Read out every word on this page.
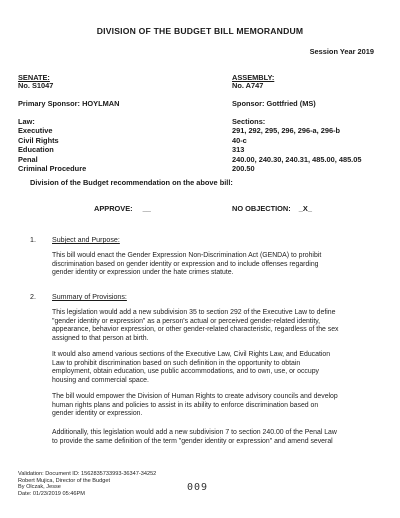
DIVISION OF THE BUDGET BILL MEMORANDUM
Session Year 2019
SENATE:
No. S1047
Primary Sponsor: HOYLMAN
ASSEMBLY:
No. A747
Sponsor: Gottfried (MS)
Law:
Executive
Civil Rights
Education
Penal
Criminal Procedure
Sections:
291, 292, 295, 296, 296-a, 296-b
40-c
313
240.00, 240.30, 240.31, 485.00, 485.05
200.50
Division of the Budget recommendation on the above bill:
APPROVE: __	NO OBJECTION: _X_
1. Subject and Purpose:
This bill would enact the Gender Expression Non-Discrimination Act (GENDA) to prohibit
discrimination based on gender identity or expression and to include offenses regarding
gender identity or expression under the hate crimes statute.
2. Summary of Provisions:
This legislation would add a new subdivision 35 to section 292 of the Executive Law to define
"gender identity or expression" as a person's actual or perceived gender-related identity,
appearance, behavior expression, or other gender-related characteristic, regardless of the sex
assigned to that person at birth.
It would also amend various sections of the Executive Law, Civil Rights Law, and Education
Law to prohibit discrimination based on such definition in the opportunity to obtain
employment, obtain education, use public accommodations, and to own, use, or occupy
housing and commercial space.
The bill would empower the Division of Human Rights to create advisory councils and develop
human rights plans and policies to assist in its ability to enforce discrimination based on
gender identity or expression.
Additionally, this legislation would add a new subdivision 7 to section 240.00 of the Penal Law
to provide the same definition of the term "gender identity or expression" and amend several
Validation: Document ID: 1562835733993-36347-34252
Robert Mujica, Director of the Budget
By Olczak, Jesse
Date: 01/23/2019 05:46PM
009
